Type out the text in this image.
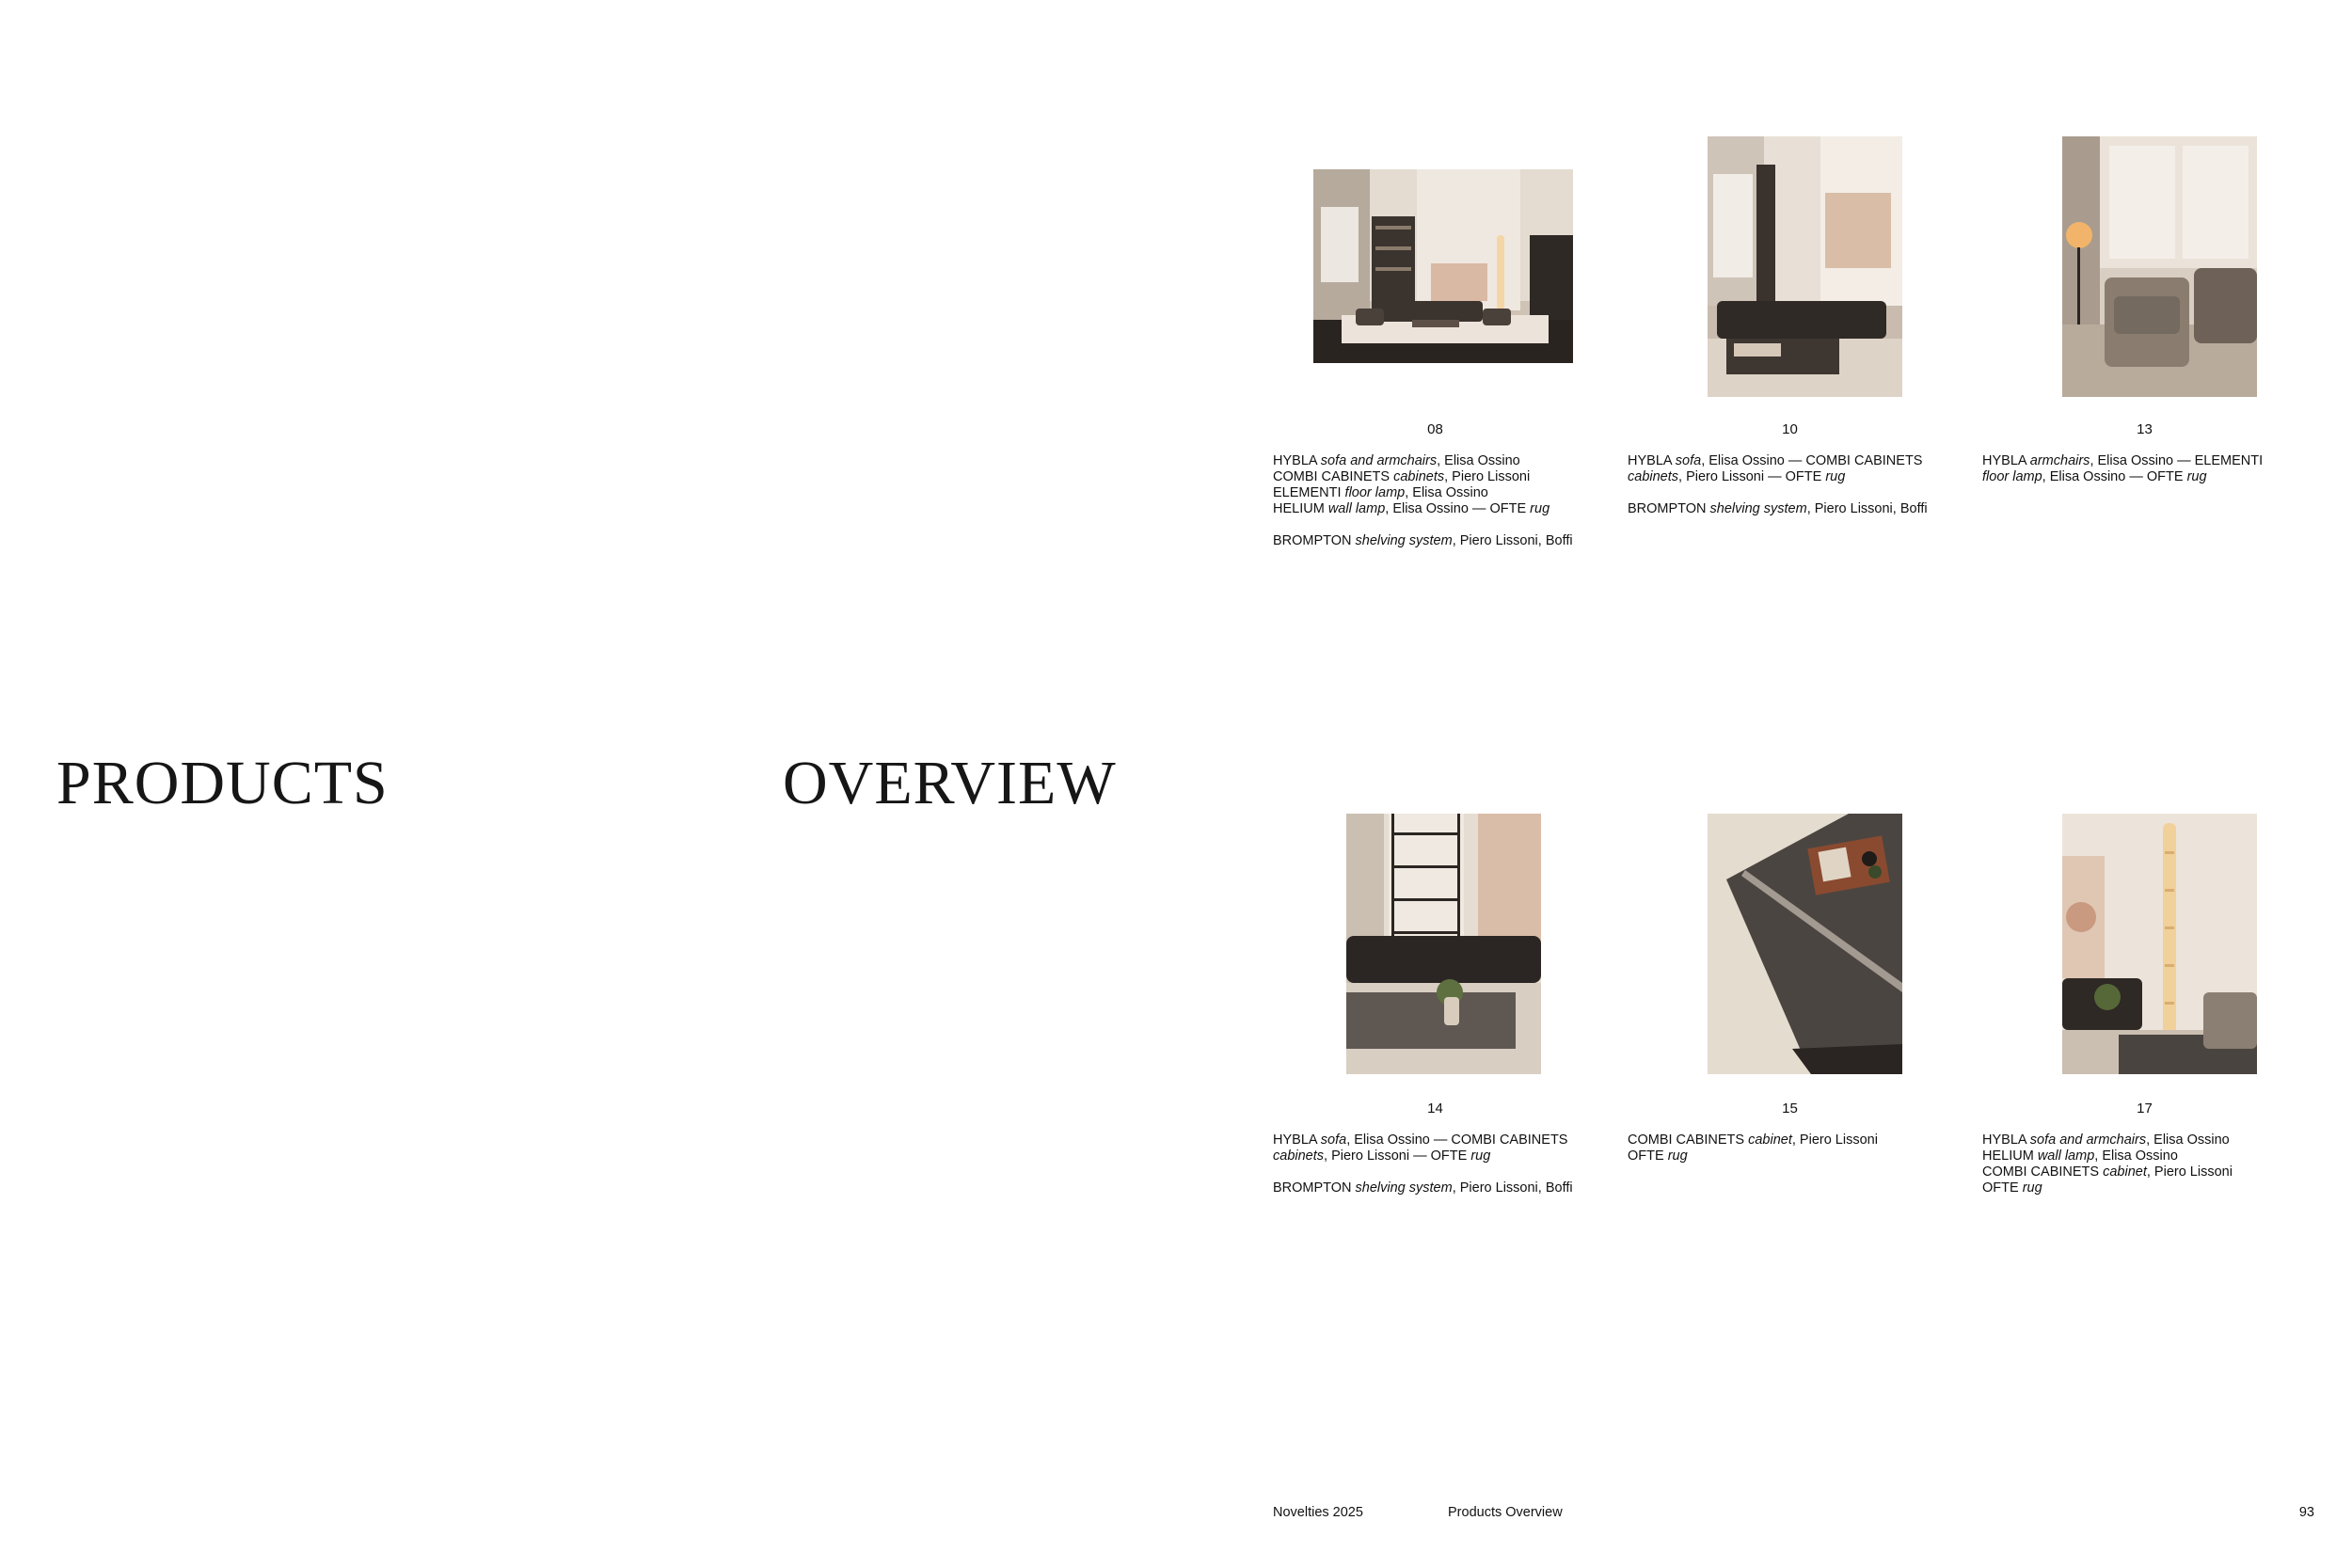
PRODUCTS	OVERVIEW
08

HYBLA sofa and armchairs, Elisa Ossino
COMBI CABINETS cabinets, Piero Lissoni
ELEMENTI floor lamp, Elisa Ossino
HELIUM wall lamp, Elisa Ossino — OFTE rug

BROMPTON shelving system, Piero Lissoni, Boffi

10

HYBLA sofa, Elisa Ossino — COMBI CABINETS
cabinets, Piero Lissoni — OFTE rug

BROMPTON shelving system, Piero Lissoni, Boffi

13

HYBLA armchairs, Elisa Ossino — ELEMENTI
floor lamp, Elisa Ossino — OFTE rug

14

HYBLA sofa, Elisa Ossino — COMBI CABINETS
cabinets, Piero Lissoni — OFTE rug

BROMPTON shelving system, Piero Lissoni, Boffi

15

COMBI CABINETS cabinet, Piero Lissoni
OFTE rug

17

HYBLA sofa and armchairs, Elisa Ossino
HELIUM wall lamp, Elisa Ossino
COMBI CABINETS cabinet, Piero Lissoni
OFTE rug

Novelties 2025	Products Overview	93
